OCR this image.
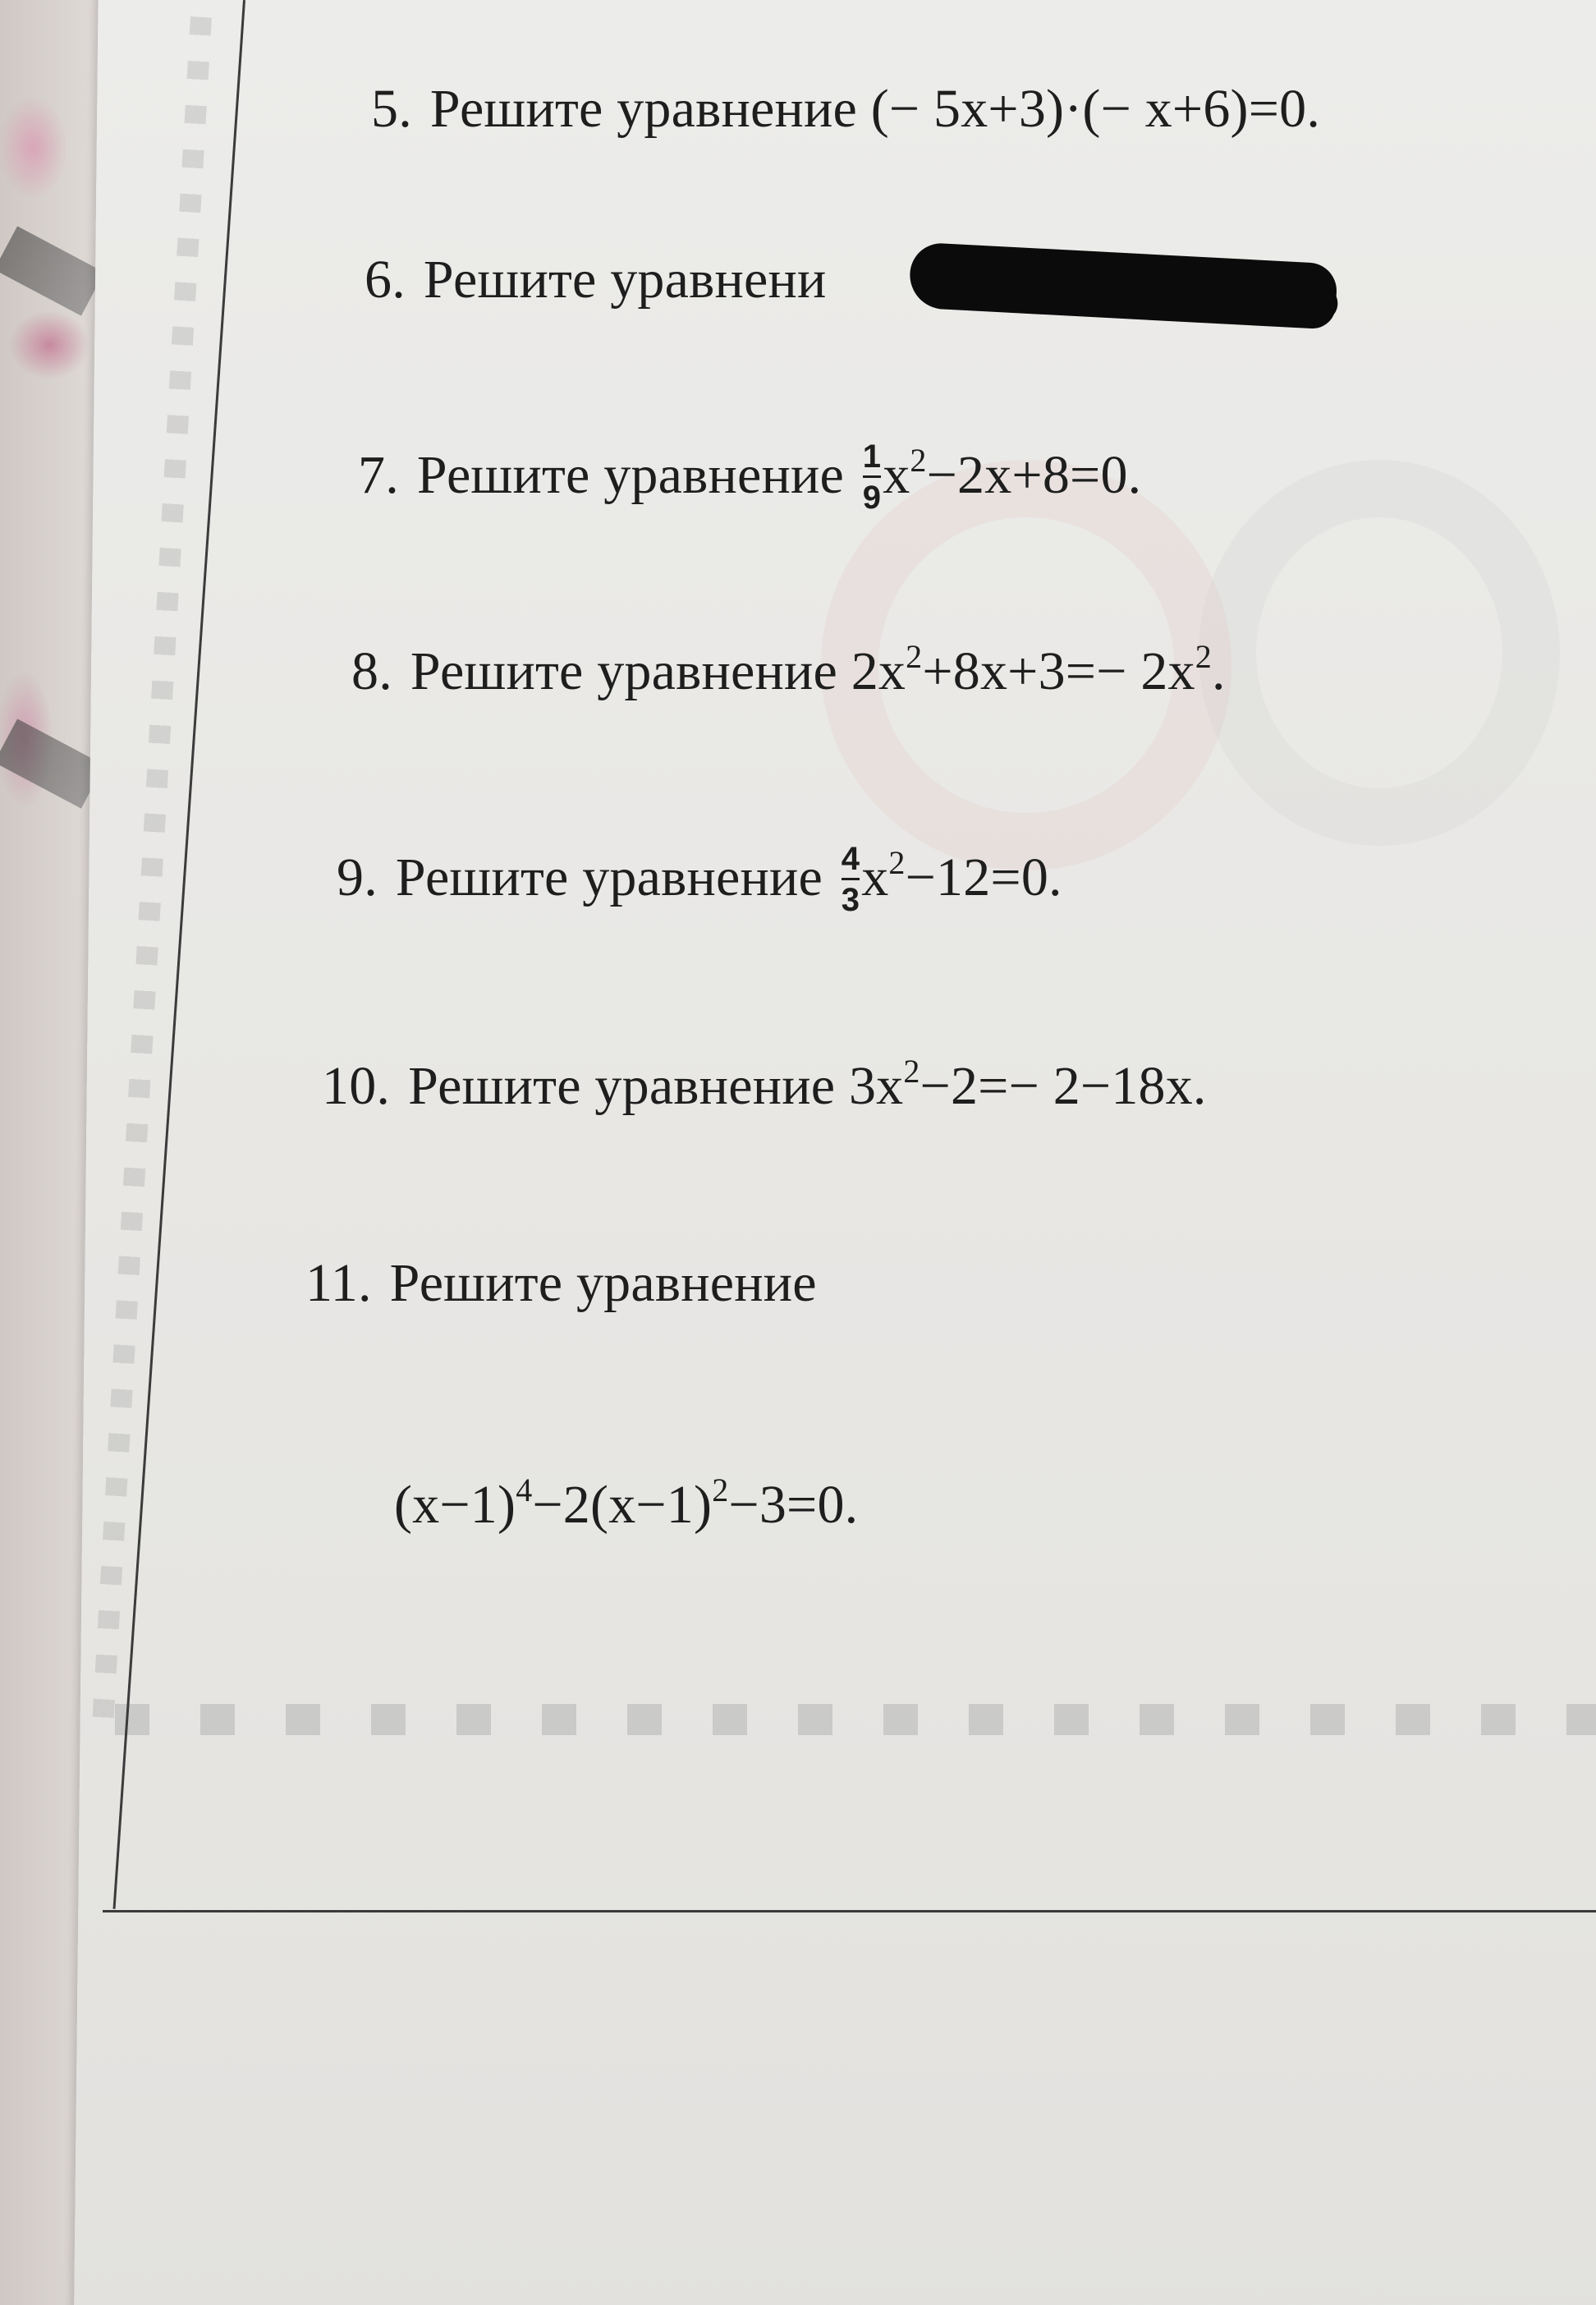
5. Решите уравнение (− 5x+3)·(− x+6)=0.
6. Решите уравнени
7. Решите уравнение $\frac{1}{9} x^2-2x+8=0$.
8. Решите уравнение $2x^2+8x+3=- 2x^2$.
9. Решите уравнение $\frac{4}{3} x^2-12=0$.
10. Решите уравнение $3x^2-2=- 2-18x$.
11. Решите уравнение
$(x-1)^4-2(x-1)^2-3=0$.
